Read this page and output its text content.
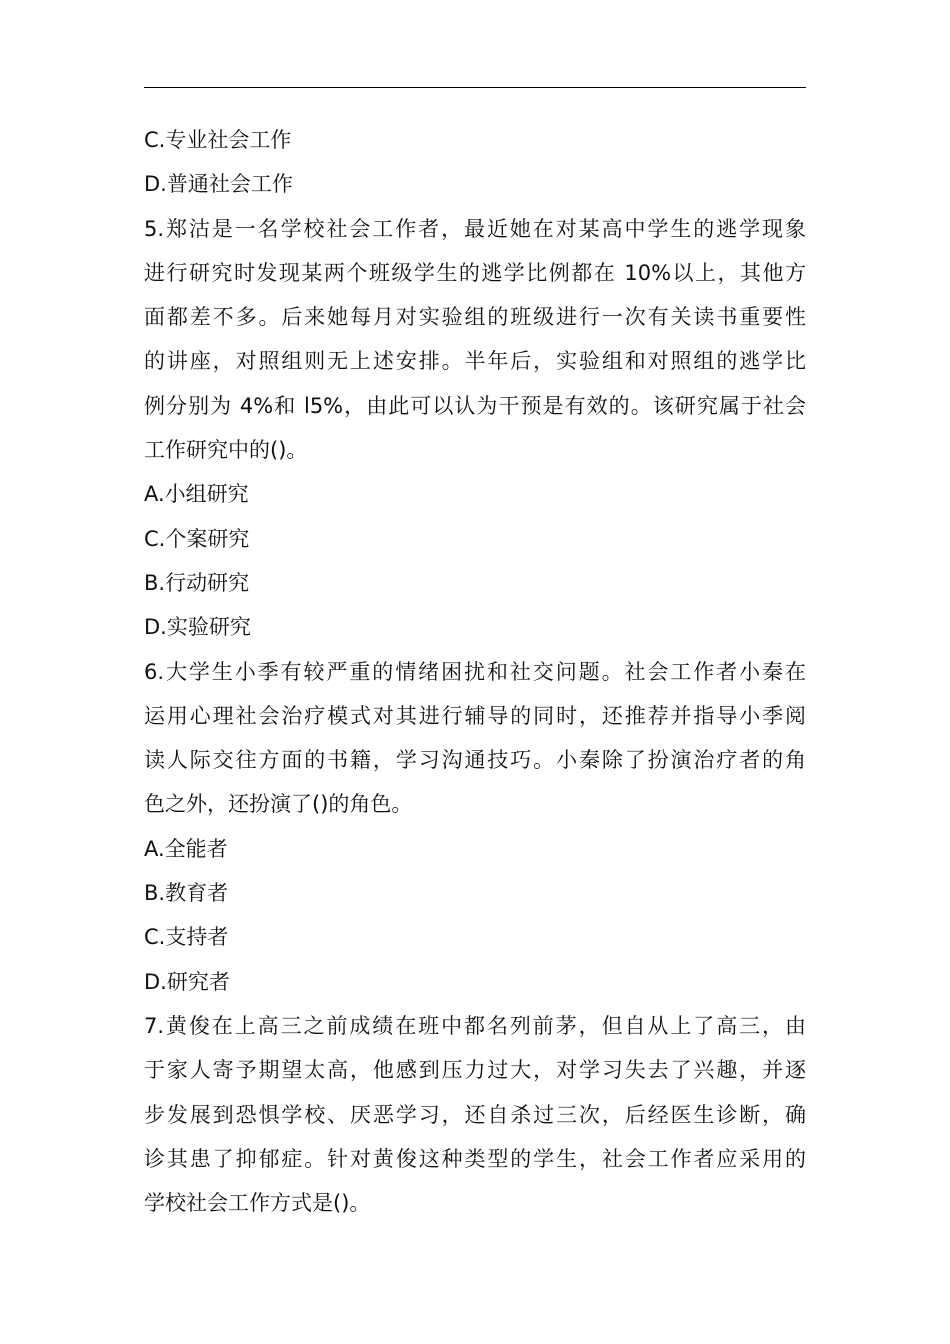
C.专业社会工作
D.普通社会工作
5.郑沽是一名学校社会工作者，最近她在对某高中学生的逃学现象
进行研究时发现某两个班级学生的逃学比例都在 10%以上，其他方
面都差不多。后来她每月对实验组的班级进行一次有关读书重要性
的讲座，对照组则无上述安排。半年后，实验组和对照组的逃学比
例分别为 4%和 l5%，由此可以认为干预是有效的。该研究属于社会
工作研究中的()。
A.小组研究
C.个案研究
B.行动研究
D.实验研究
6.大学生小季有较严重的情绪困扰和社交问题。社会工作者小秦在
运用心理社会治疗模式对其进行辅导的同时，还推荐并指导小季阅
读人际交往方面的书籍，学习沟通技巧。小秦除了扮演治疗者的角
色之外，还扮演了()的角色。
A.全能者
B.教育者
C.支持者
D.研究者
7.黄俊在上高三之前成绩在班中都名列前茅，但自从上了高三，由
于家人寄予期望太高，他感到压力过大，对学习失去了兴趣，并逐
步发展到恐惧学校、厌恶学习，还自杀过三次，后经医生诊断，确
诊其患了抑郁症。针对黄俊这种类型的学生，社会工作者应采用的
学校社会工作方式是()。
